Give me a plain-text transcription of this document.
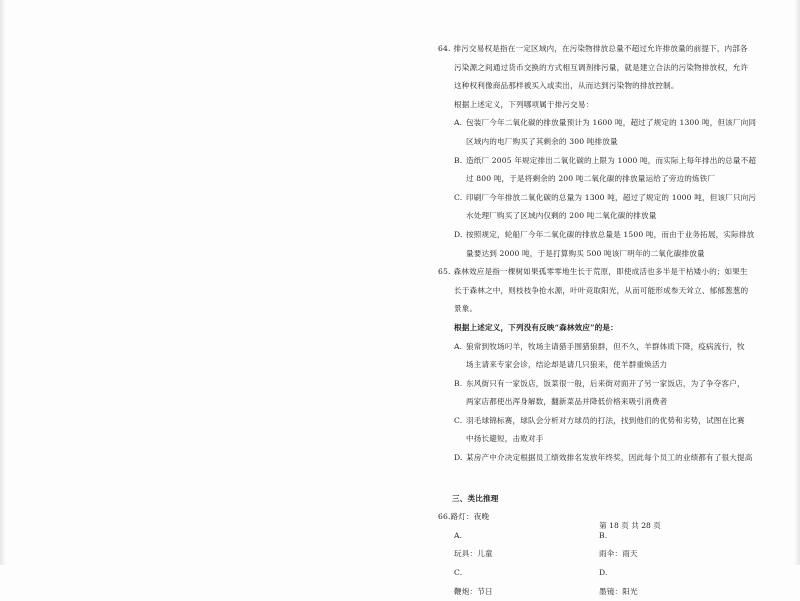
64. 排污交易权是指在一定区域内，在污染物排放总量不超过允许排放量的前提下，内部各
污染源之间通过货币交换的方式相互调剂排污量，就是建立合法的污染物排放权，允许
这种权利像商品那样被买入或卖出，从而达到污染物的排放控制。
根据上述定义，下列哪项属于排污交易：
A. 包装厂今年二氧化碳的排放量预计为 1600 吨，超过了规定的 1300 吨，但该厂向同
区域内的电厂购买了其剩余的 300 吨排放量
B. 造纸厂 2005 年规定排出二氧化碳的上限为 1000 吨，而实际上每年排出的总量不超
过 800 吨，于是将剩余的 200 吨二氧化碳的排放量运给了旁边的炼铁厂
C. 印刷厂今年排放二氧化碳的总量为 1300 吨，超过了规定的 1000 吨，但该厂只向污
水处理厂购买了区域内仅剩的 200 吨二氧化碳的排放量
D. 按照规定，轮船厂今年二氧化碳的排放总量是 1500 吨，而由于业务拓展，实际排放
量要达到 2000 吨，于是打算购买 500 吨该厂明年的二氧化碳排放量
65. 森林效应是指一棵树如果孤零零地生长于荒原，即使成活也多半是干枯矮小的；如果生
长于森林之中，则枝枝争抢水源，叶叶竞取阳光，从而可能形成参天耸立、郁郁葱葱的
景象。
根据上述定义，下列没有反映“森林效应”的是：
A. 狼常到牧场叼羊，牧场主请猎手围猎狼群，但不久，羊群体质下降，疫病流行，牧
场主请来专家会诊，结论却是请几只狼来，使羊群重焕活力
B. 东风街只有一家饭店，饭菜很一般，后来街对面开了另一家饭店，为了争夺客户，
两家店都使出浑身解数，翻新菜品并降低价格来吸引消费者
C. 羽毛球锦标赛，球队会分析对方球员的打法，找到他们的优势和劣势，试图在比赛
中扬长避短，击败对手
D. 某房产中介决定根据员工绩效排名发放年终奖，因此每个员工的业绩都有了很大提高
三、类比推理
66.路灯：夜晚
A.
玩具：儿童
B.
雨伞：雨天
C.
鞭炮：节日
D.
墨镜：阳光
第 18 页 共 28 页
